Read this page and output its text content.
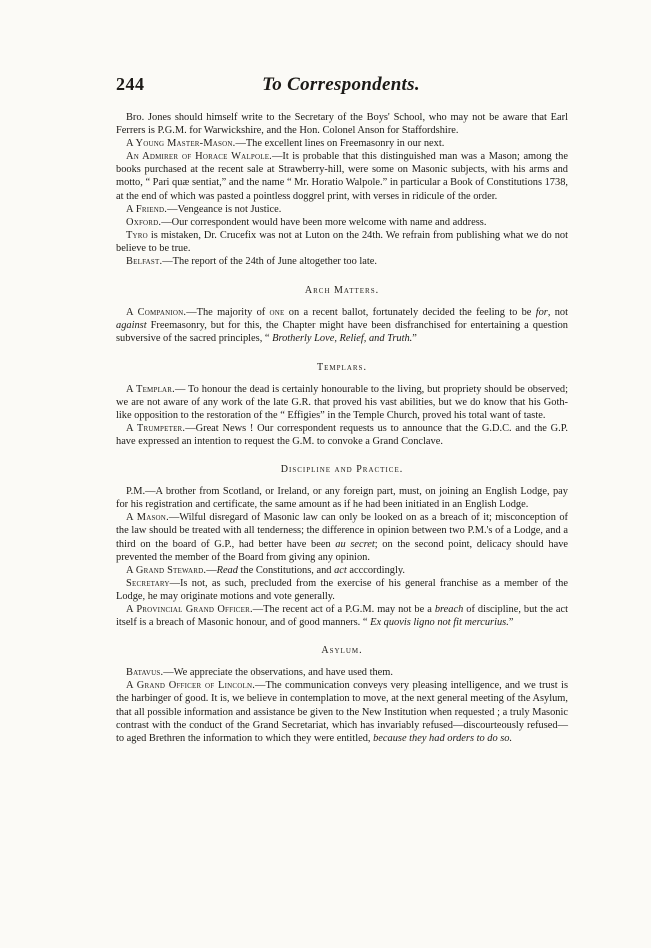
244	To Correspondents.

Bro. Jones should himself write to the Secretary of the Boys' School, who may not be aware that Earl Ferrers is P.G.M. for Warwickshire, and the Hon. Colonel Anson for Staffordshire.

A Young Master-Mason.—The excellent lines on Freemasonry in our next.

An Admirer of Horace Walpole.—It is probable that this distinguished man was a Mason; among the books purchased at the recent sale at Strawberry-hill, were some on Masonic subjects, with his arms and motto, “ Pari quæ sentiat,” and the name “ Mr. Horatio Walpole.” in particular a Book of Constitutions 1738, at the end of which was pasted a pointless doggrel print, with verses in ridicule of the order.

A Friend.—Vengeance is not Justice.

Oxford.—Our correspondent would have been more welcome with name and address.

Tyro is mistaken, Dr. Crucefix was not at Luton on the 24th. We refrain from publishing what we do not believe to be true.

Belfast.—The report of the 24th of June altogether too late.

Arch Matters.

A Companion.—The majority of one on a recent ballot, fortunately decided the feeling to be for, not against Freemasonry, but for this, the Chapter might have been disfranchised for entertaining a question subversive of the sacred principles, “ Brotherly Love, Relief, and Truth.”

Templars.

A Templar.— To honour the dead is certainly honourable to the living, but propriety should be observed; we are not aware of any work of the late G.R. that proved his vast abilities, but we do know that his Goth-like opposition to the restoration of the “ Effigies” in the Temple Church, proved his total want of taste.

A Trumpeter.—Great News ! Our correspondent requests us to announce that the G.D.C. and the G.P. have expressed an intention to request the G.M. to convoke a Grand Conclave.

Discipline and Practice.

P.M.—A brother from Scotland, or Ireland, or any foreign part, must, on joining an English Lodge, pay for his registration and certificate, the same amount as if he had been initiated in an English Lodge.

A Mason.—Wilful disregard of Masonic law can only be looked on as a breach of it; misconception of the law should be treated with all tenderness; the difference in opinion between two P.M.'s of a Lodge, and a third on the board of G.P., had better have been au secret; on the second point, delicacy should have prevented the member of the Board from giving any opinion.

A Grand Steward.—Read the Constitutions, and act acccordingly.

Secretary—Is not, as such, precluded from the exercise of his general franchise as a member of the Lodge, he may originate motions and vote generally.

A Provincial Grand Officer.—The recent act of a P.G.M. may not be a breach of discipline, but the act itself is a breach of Masonic honour, and of good manners. “ Ex quovis ligno not fit mercurius.”

Asylum.

Batavus.—We appreciate the observations, and have used them.

A Grand Officer of Lincoln.—The communication conveys very pleasing intelligence, and we trust is the harbinger of good. It is, we believe in contemplation to move, at the next general meeting of the Asylum, that all possible information and assistance be given to the New Institution when requested ; a truly Masonic contrast with the conduct of the Grand Secretariat, which has invariably refused—discourteously refused—to aged Brethren the information to which they were entitled, because they had orders to do so.
